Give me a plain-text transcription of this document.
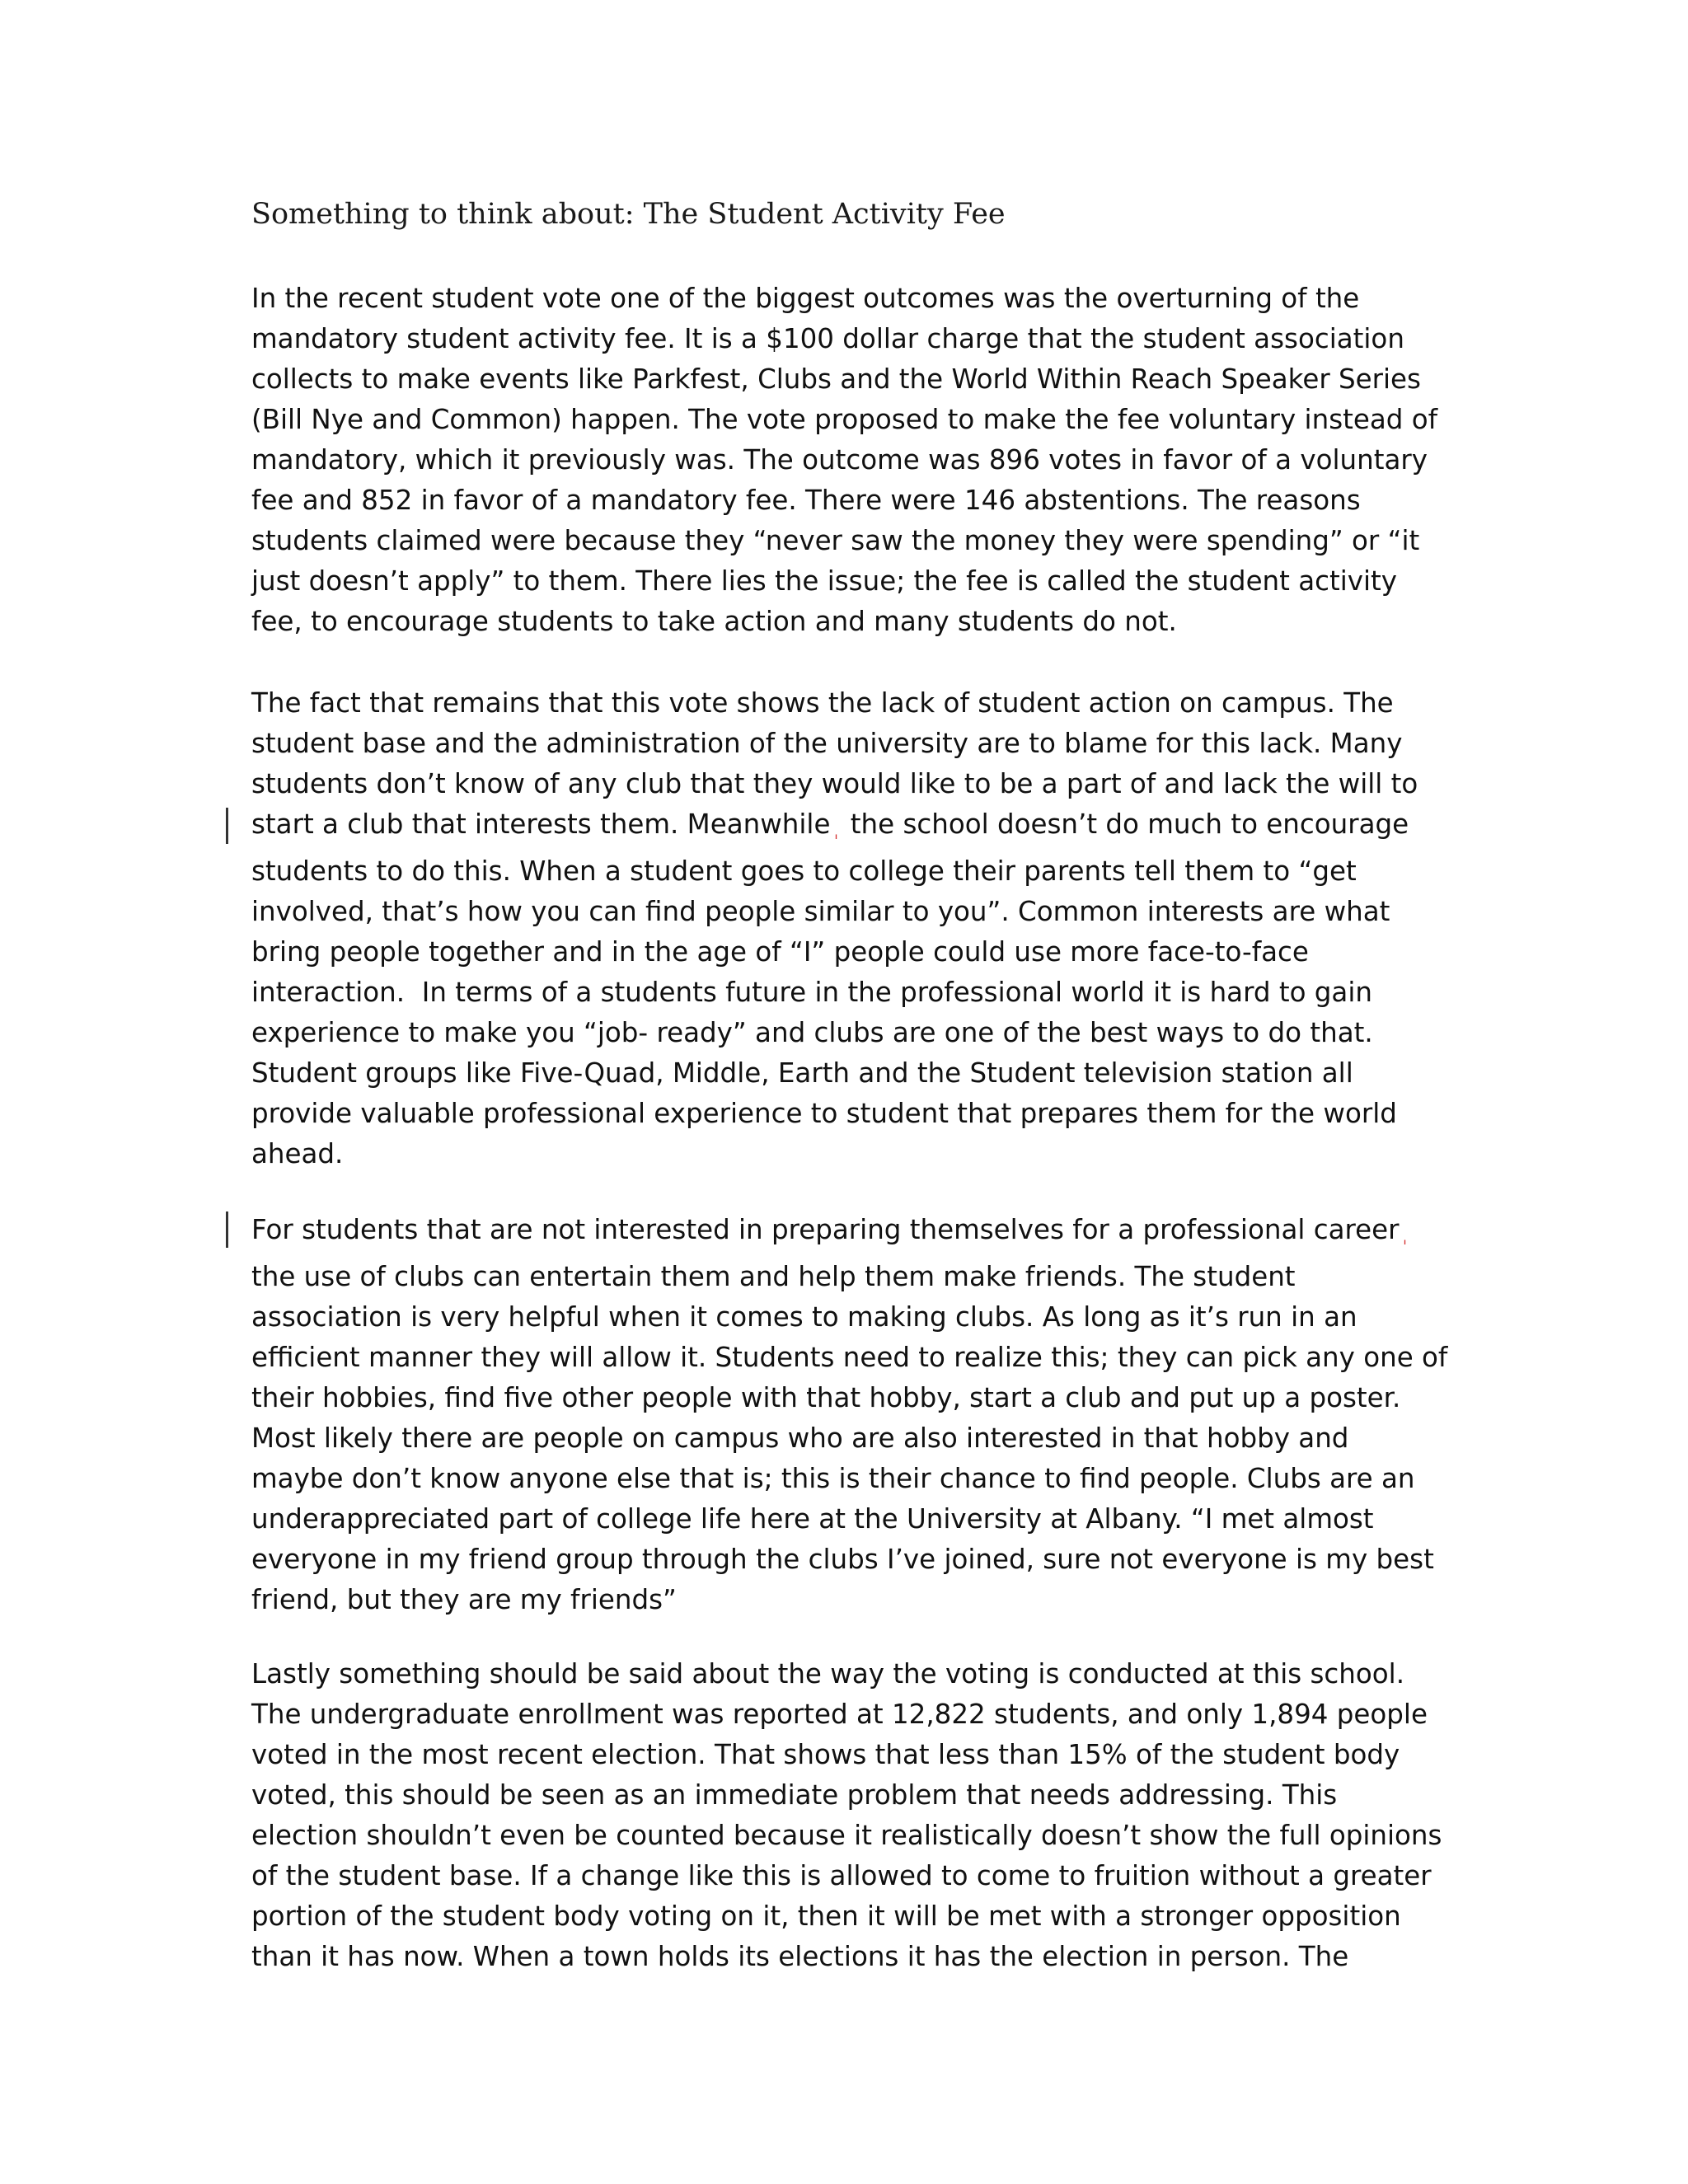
Something to think about: The Student Activity Fee
In the recent student vote one of the biggest outcomes was the overturning of the
mandatory student activity fee. It is a $100 dollar charge that the student association
collects to make events like Parkfest, Clubs and the World Within Reach Speaker Series
(Bill Nye and Common) happen. The vote proposed to make the fee voluntary instead of
mandatory, which it previously was. The outcome was 896 votes in favor of a voluntary
fee and 852 in favor of a mandatory fee. There were 146 abstentions. The reasons
students claimed were because they “never saw the money they were spending” or “it
just doesn’t apply” to them. There lies the issue; the fee is called the student activity
fee, to encourage students to take action and many students do not.
The fact that remains that this vote shows the lack of student action on campus. The
student base and the administration of the university are to blame for this lack. Many
students don’t know of any club that they would like to be a part of and lack the will to
start a club that interests them. Meanwhile ˌ the school doesn’t do much to encourage
students to do this. When a student goes to college their parents tell them to “get
involved, that’s how you can find people similar to you”. Common interests are what
bring people together and in the age of “I” people could use more face-to-face
interaction.  In terms of a students future in the professional world it is hard to gain
experience to make you “job- ready” and clubs are one of the best ways to do that.
Student groups like Five-Quad, Middle, Earth and the Student television station all
provide valuable professional experience to student that prepares them for the world
ahead.
For students that are not interested in preparing themselves for a professional career ˌ
the use of clubs can entertain them and help them make friends. The student
association is very helpful when it comes to making clubs. As long as it’s run in an
efficient manner they will allow it. Students need to realize this; they can pick any one of
their hobbies, find five other people with that hobby, start a club and put up a poster.
Most likely there are people on campus who are also interested in that hobby and
maybe don’t know anyone else that is; this is their chance to find people. Clubs are an
underappreciated part of college life here at the University at Albany. “I met almost
everyone in my friend group through the clubs I’ve joined, sure not everyone is my best
friend, but they are my friends”
Lastly something should be said about the way the voting is conducted at this school.
The undergraduate enrollment was reported at 12,822 students, and only 1,894 people
voted in the most recent election. That shows that less than 15% of the student body
voted, this should be seen as an immediate problem that needs addressing. This
election shouldn’t even be counted because it realistically doesn’t show the full opinions
of the student base. If a change like this is allowed to come to fruition without a greater
portion of the student body voting on it, then it will be met with a stronger opposition
than it has now. When a town holds its elections it has the election in person. The
